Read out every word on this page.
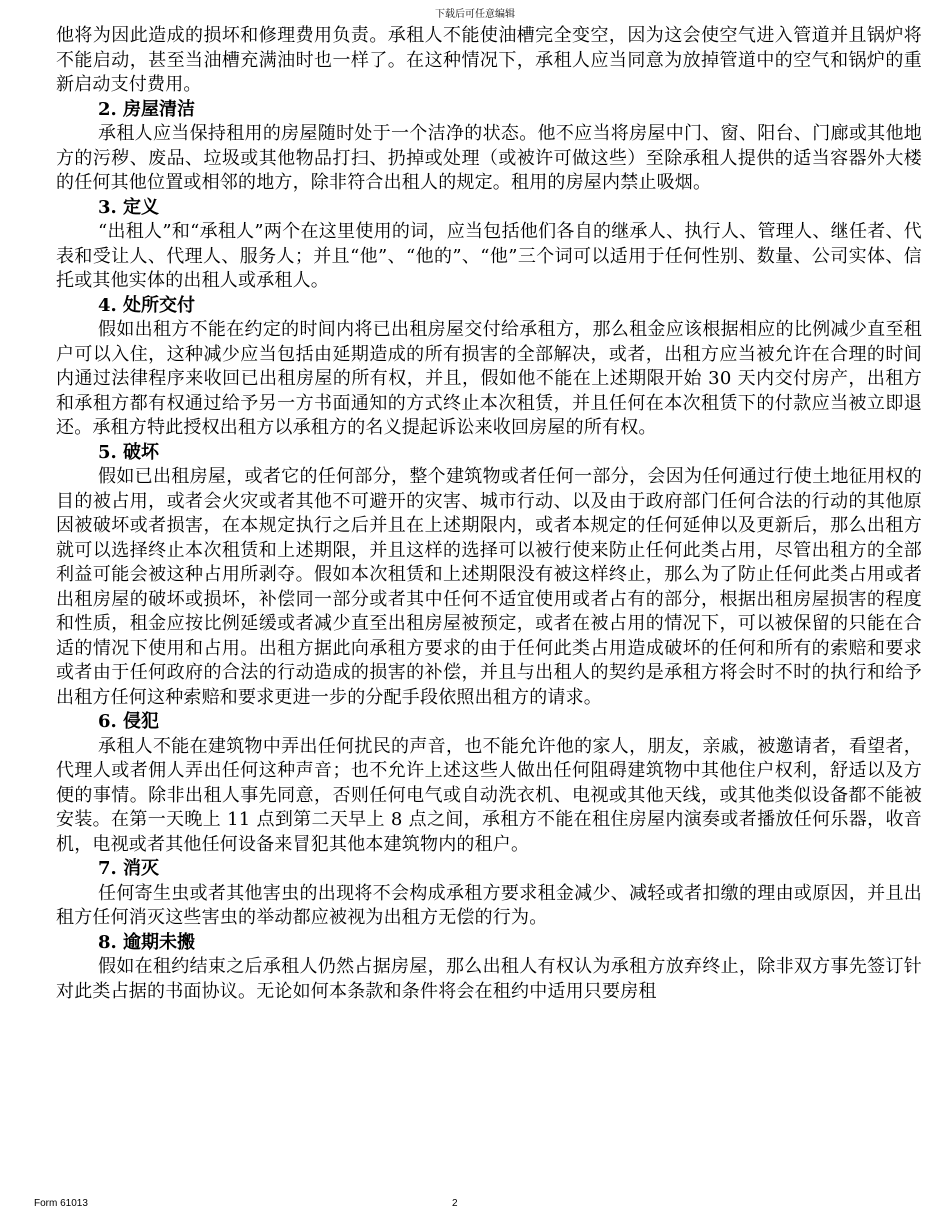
下载后可任意编辑

他将为因此造成的损坏和修理费用负责。承租人不能使油槽完全变空，因为这会使空气进入管道并且锅炉将不能启动，甚至当油槽充满油时也一样了。在这种情况下，承租人应当同意为放掉管道中的空气和锅炉的重新启动支付费用。

2. 房屋清洁

承租人应当保持租用的房屋随时处于一个洁净的状态。他不应当将房屋中门、窗、阳台、门廊或其他地方的污秽、废品、垃圾或其他物品打扫、扔掉或处理（或被许可做这些）至除承租人提供的适当容器外大楼的任何其他位置或相邻的地方，除非符合出租人的规定。租用的房屋内禁止吸烟。

3. 定义

“出租人”和“承租人”两个在这里使用的词，应当包括他们各自的继承人、执行人、管理人、继任者、代表和受让人、代理人、服务人；并且“他”、“他的”、“他”三个词可以适用于任何性别、数量、公司实体、信托或其他实体的出租人或承租人。

4. 处所交付

假如出租方不能在约定的时间内将已出租房屋交付给承租方，那么租金应该根据相应的比例减少直至租户可以入住，这种减少应当包括由延期造成的所有损害的全部解决，或者，出租方应当被允许在合理的时间内通过法律程序来收回已出租房屋的所有权，并且，假如他不能在上述期限开始 30 天内交付房产，出租方和承租方都有权通过给予另一方书面通知的方式终止本次租赁，并且任何在本次租赁下的付款应当被立即退还。承租方特此授权出租方以承租方的名义提起诉讼来收回房屋的所有权。

5. 破坏

假如已出租房屋，或者它的任何部分，整个建筑物或者任何一部分，会因为任何通过行使土地征用权的目的被占用，或者会火灾或者其他不可避开的灾害、城市行动、以及由于政府部门任何合法的行动的其他原因被破坏或者损害，在本规定执行之后并且在上述期限内，或者本规定的任何延伸以及更新后，那么出租方就可以选择终止本次租赁和上述期限，并且这样的选择可以被行使来防止任何此类占用，尽管出租方的全部利益可能会被这种占用所剥夺。假如本次租赁和上述期限没有被这样终止，那么为了防止任何此类占用或者出租房屋的破坏或损坏，补偿同一部分或者其中任何不适宜使用或者占有的部分，根据出租房屋损害的程度和性质，租金应按比例延缓或者减少直至出租房屋被预定，或者在被占用的情况下，可以被保留的只能在合适的情况下使用和占用。出租方据此向承租方要求的由于任何此类占用造成破坏的任何和所有的索赔和要求或者由于任何政府的合法的行动造成的损害的补偿，并且与出租人的契约是承租方将会时不时的执行和给予出租方任何这种索赔和要求更进一步的分配手段依照出租方的请求。

6. 侵犯

承租人不能在建筑物中弄出任何扰民的声音，也不能允许他的家人，朋友，亲戚，被邀请者，看望者，代理人或者佣人弄出任何这种声音；也不允许上述这些人做出任何阻碍建筑物中其他住户权利，舒适以及方便的事情。除非出租人事先同意，否则任何电气或自动洗衣机、电视或其他天线，或其他类似设备都不能被安装。在第一天晚上 11 点到第二天早上 8 点之间，承租方不能在租住房屋内演奏或者播放任何乐器，收音机，电视或者其他任何设备来冒犯其他本建筑物内的租户。

7. 消灭

任何寄生虫或者其他害虫的出现将不会构成承租方要求租金减少、减轻或者扣缴的理由或原因，并且出租方任何消灭这些害虫的举动都应被视为出租方无偿的行为。

8. 逾期未搬

假如在租约结束之后承租人仍然占据房屋，那么出租人有权认为承租方放弃终止，除非双方事先签订针对此类占据的书面协议。无论如何本条款和条件将会在租约中适用只要房租

Form 61013	2
